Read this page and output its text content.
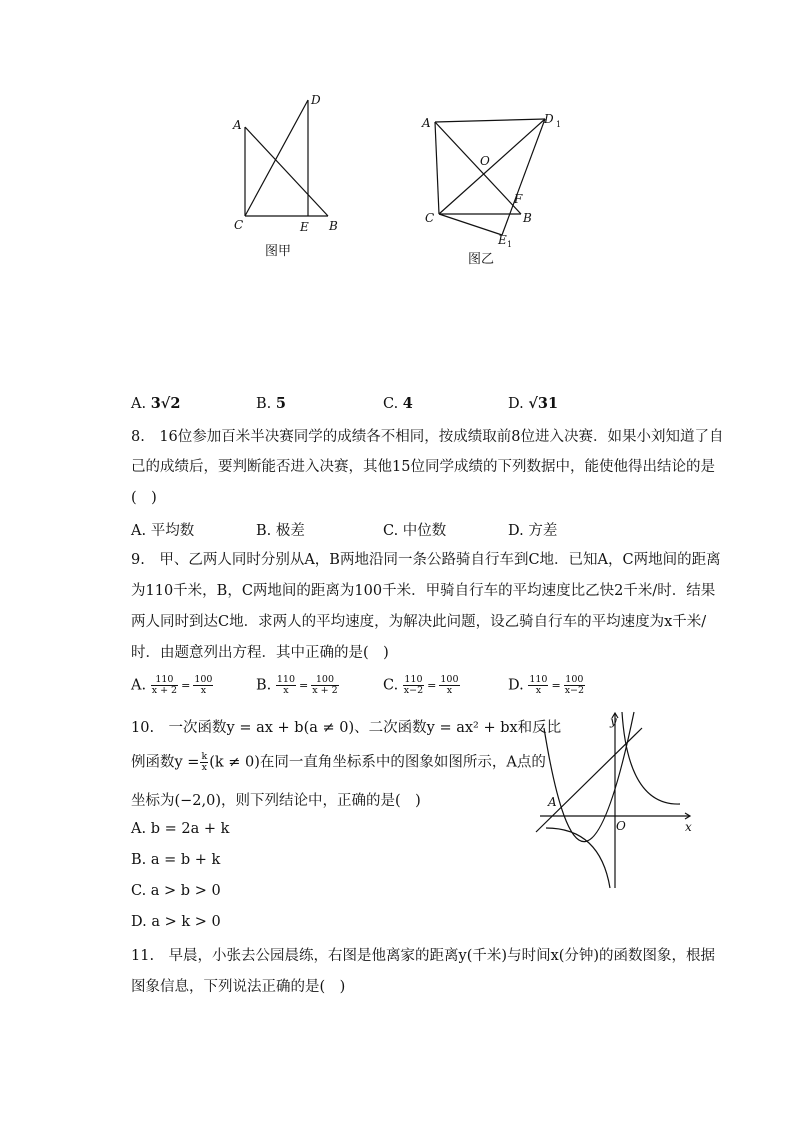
A
D
C	E B
图甲
A	D 1
O
F
C	B
E 1
图乙
A. 3√2	B. 5	C. 4	D. √31
8.　16位参加百米半决赛同学的成绩各不相同，按成绩取前8位进入决赛．如果小刘知道了自
己的成绩后，要判断能否进入决赛，其他15位同学成绩的下列数据中，能使他得出结论的是
(　)
A. 平均数	B. 极差	C. 中位数	D. 方差
9.　甲、乙两人同时分别从A，B两地沿同一条公路骑自行车到C地．已知A，C两地间的距离
为110千米，B，C两地间的距离为100千米．甲骑自行车的平均速度比乙快2千米/时．结果
两人同时到达C地．求两人的平均速度，为解决此问题，设乙骑自行车的平均速度为x千米/
时．由题意列出方程．其中正确的是(　)
A. $\frac{110}{x + 2} = \frac{100}{x}$	B. $\frac{110}{x} = \frac{100}{x + 2}$	C. $\frac{110}{x-2} = \frac{100}{x}$	D. $\frac{110}{x} = \frac{100}{x-2}$
10.　一次函数y = ax + b(a ≠ 0)、二次函数y = ax² + bx和反比
例函数$y = \frac{k}{x} (k \ne 0)$在同一直角坐标系中的图象如图所示，A点的
坐标为(−2,0)，则下列结论中，正确的是(　)
A. b = 2a + k
B. a = b + k
C. a > b > 0
D. a > k > 0
y
x
O
A
11.　早晨，小张去公园晨练，右图是他离家的距离y(千米)与时间x(分钟)的函数图象，根据
图象信息，下列说法正确的是(　)
